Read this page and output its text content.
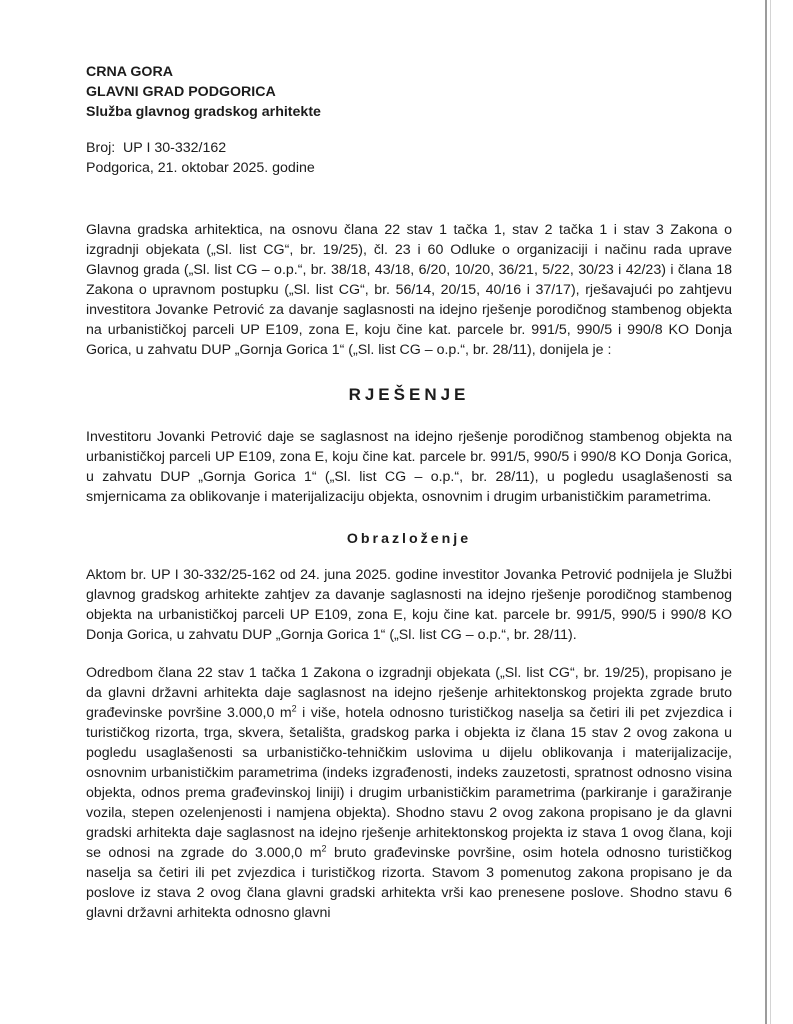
CRNA GORA
GLAVNI GRAD PODGORICA
Služba glavnog gradskog arhitekte
Broj:  UP I 30-332/162
Podgorica, 21. oktobar 2025. godine

Glavna gradska arhitektica, na osnovu člana 22 stav 1 tačka 1, stav 2 tačka 1 i stav 3 Zakona o izgradnji objekata („Sl. list CG“, br. 19/25), čl. 23 i 60 Odluke o organizaciji i načinu rada uprave Glavnog grada („Sl. list CG – o.p.“, br. 38/18, 43/18, 6/20, 10/20, 36/21, 5/22, 30/23 i 42/23) i člana 18 Zakona o upravnom postupku („Sl. list CG“, br. 56/14, 20/15, 40/16 i 37/17), rješavajući po zahtjevu investitora Jovanke Petrović za davanje saglasnosti na idejno rješenje porodičnog stambenog objekta na urbanističkoj parceli UP E109, zona E, koju čine kat. parcele br. 991/5, 990/5 i 990/8 KO Donja Gorica, u zahvatu DUP „Gornja Gorica 1“ („Sl. list CG – o.p.“, br. 28/11), donijela je :

RJEŠENJE

Investitoru Jovanki Petrović daje se saglasnost na idejno rješenje porodičnog stambenog objekta na urbanističkoj parceli UP E109, zona E, koju čine kat. parcele br. 991/5, 990/5 i 990/8 KO Donja Gorica, u zahvatu DUP „Gornja Gorica 1“ („Sl. list CG – o.p.“, br. 28/11), u pogledu usaglašenosti sa smjernicama za oblikovanje i materijalizaciju objekta, osnovnim i drugim urbanističkim parametrima.

Obrazloženje

Aktom br. UP I 30-332/25-162 od 24. juna 2025. godine investitor Jovanka Petrović podnijela je Službi glavnog gradskog arhitekte zahtjev za davanje saglasnosti na idejno rješenje porodičnog stambenog objekta na urbanističkoj parceli UP E109, zona E, koju čine kat. parcele br. 991/5, 990/5 i 990/8 KO Donja Gorica, u zahvatu DUP „Gornja Gorica 1“ („Sl. list CG – o.p.“, br. 28/11).

Odredbom člana 22 stav 1 tačka 1 Zakona o izgradnji objekata („Sl. list CG“, br. 19/25), propisano je da glavni državni arhitekta daje saglasnost na idejno rješenje arhitektonskog projekta zgrade bruto građevinske površine 3.000,0 $m^2$ i više, hotela odnosno turističkog naselja sa četiri ili pet zvjezdica i turističkog rizorta, trga, skvera, šetališta, gradskog parka i objekta iz člana 15 stav 2 ovog zakona u pogledu usaglašenosti sa urbanističko-tehničkim uslovima u dijelu oblikovanja i materijalizacije, osnovnim urbanističkim parametrima (indeks izgrađenosti, indeks zauzetosti, spratnost odnosno visina objekta, odnos prema građevinskoj liniji) i drugim urbanističkim parametrima (parkiranje i garažiranje vozila, stepen ozelenjenosti i namjena objekta). Shodno stavu 2 ovog zakona propisano je da glavni gradski arhitekta daje saglasnost na idejno rješenje arhitektonskog projekta iz stava 1 ovog člana, koji se odnosi na zgrade do 3.000,0 $m^2$ bruto građevinske površine, osim hotela odnosno turističkog naselja sa četiri ili pet zvjezdica i turističkog rizorta. Stavom 3 pomenutog zakona propisano je da poslove iz stava 2 ovog člana glavni gradski arhitekta vrši kao prenesene poslove. Shodno stavu 6 glavni državni arhitekta odnosno glavni
